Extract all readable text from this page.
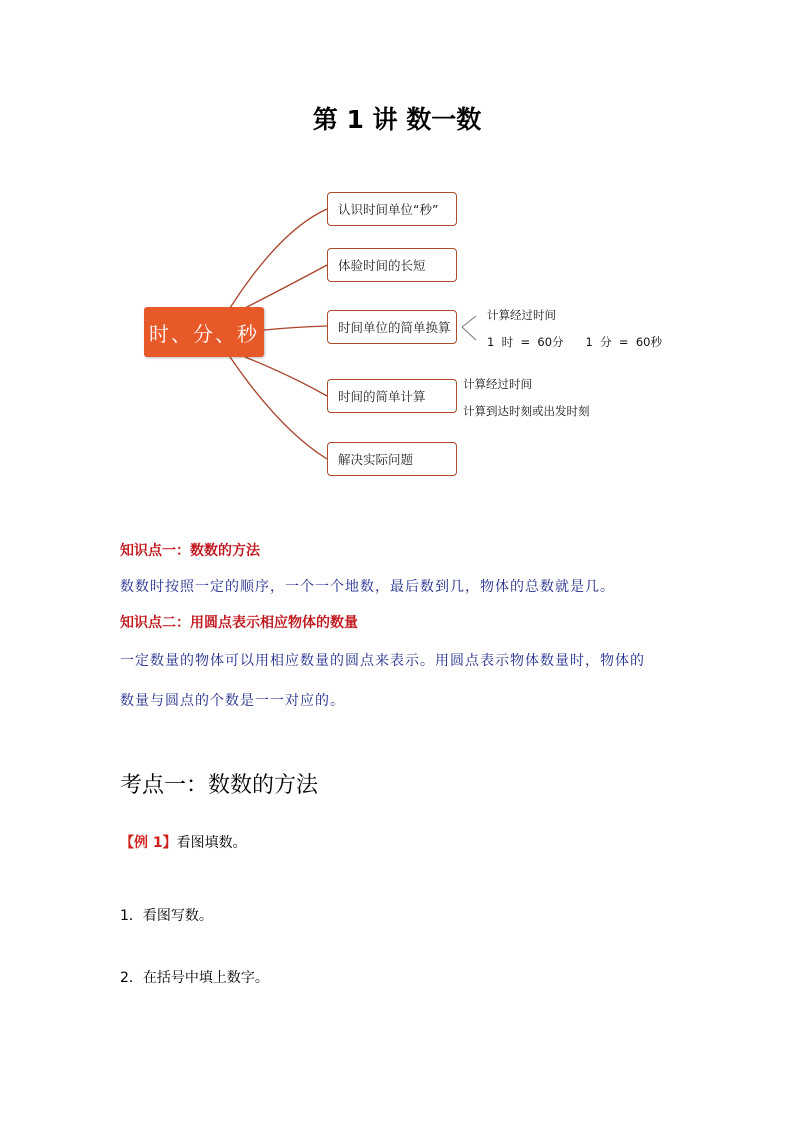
第 1 讲 数一数
时、分、秒
认识时间单位“秒”
体验时间的长短
时间单位的简单换算
时间的简单计算
解决实际问题
计算经过时间
1  时  =  60分      1  分  =  60秒
计算经过时间
计算到达时刻或出发时刻
知识点一：数数的方法
数数时按照一定的顺序，一个一个地数，最后数到几，物体的总数就是几。
知识点二：用圆点表示相应物体的数量
一定数量的物体可以用相应数量的圆点来表示。用圆点表示物体数量时，物体的
数量与圆点的个数是一一对应的。
考点一：数数的方法
【例 1】看图填数。
1．看图写数。
2．在括号中填上数字。
